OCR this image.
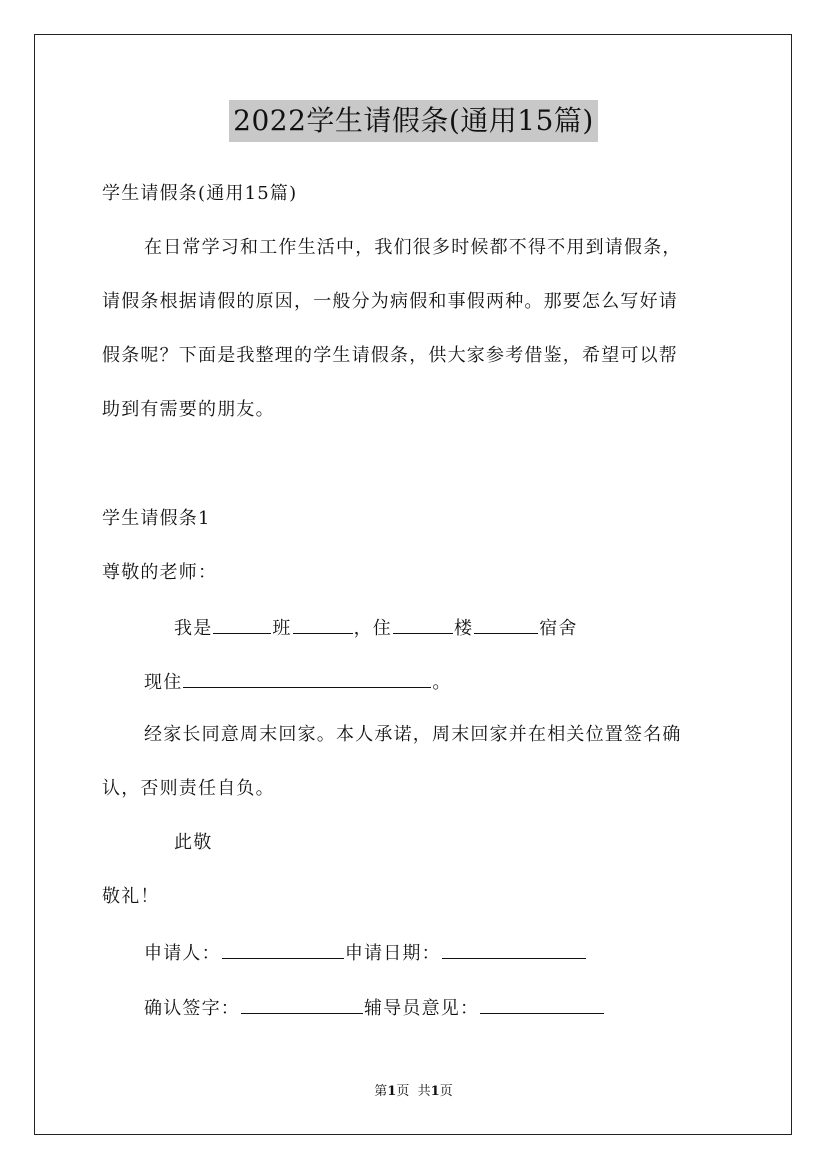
2022学生请假条(通用15篇)
学生请假条(通用15篇)
在日常学习和工作生活中，我们很多时候都不得不用到请假条，
请假条根据请假的原因，一般分为病假和事假两种。那要怎么写好请
假条呢？下面是我整理的学生请假条，供大家参考借鉴，希望可以帮
助到有需要的朋友。
学生请假条1
尊敬的老师：
我是	班	，住	楼	宿舍
现住	。
经家长同意周末回家。本人承诺，周末回家并在相关位置签名确
认，否则责任自负。
此敬
敬礼！
申请人：	申请日期：
确认签字：	辅导员意见：
第1页 共1页
